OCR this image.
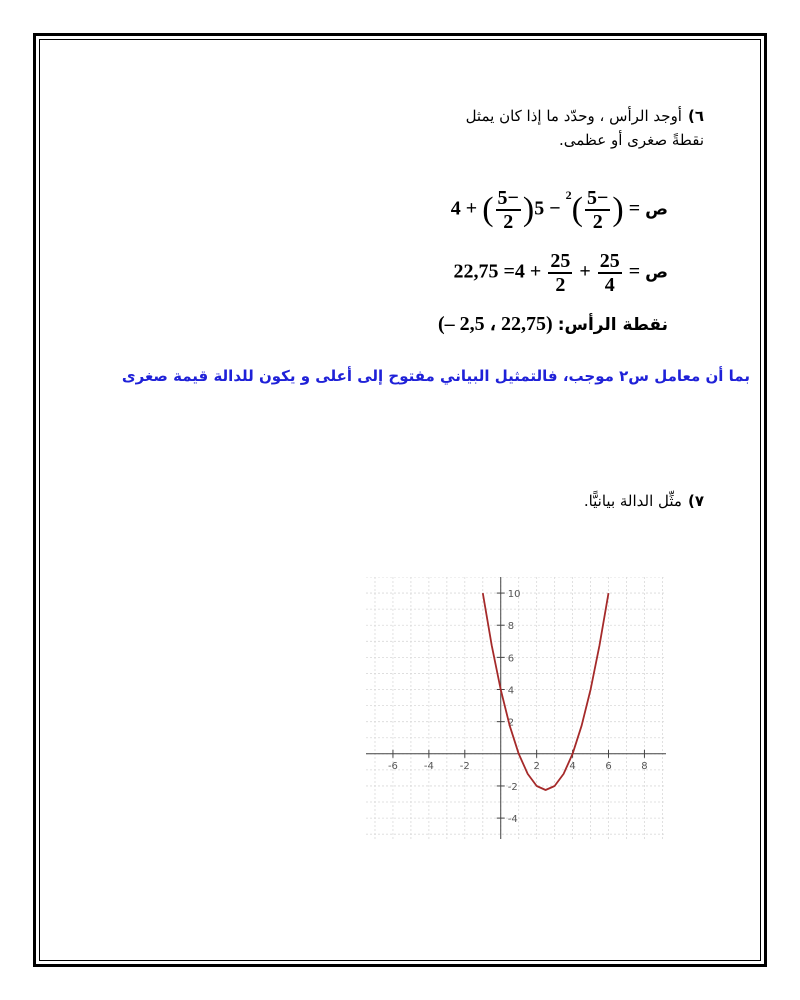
٦)أوجد الرأس ، وحدّد ما إذا كان يمثل نقطةً صغرى أو عظمى.
4 + ( $\frac{5-}{2} )5 - ^2( \frac{5-}{2}$ ) = ص
$22,75 =4 + \frac{25}{2} + \frac{25}{4}$ = ص
نقطة الرأس: (– 2,5 ، 22,75)
بما أن معامل س٢ موجب، فالتمثيل البياني مفتوح إلى أعلى و يكون للدالة قيمة صغرى
٧)مثِّل الدالة بيانيًّا.
-6	-4	-2	2	4	6	8
10
8
6
4
2
-2
-4
